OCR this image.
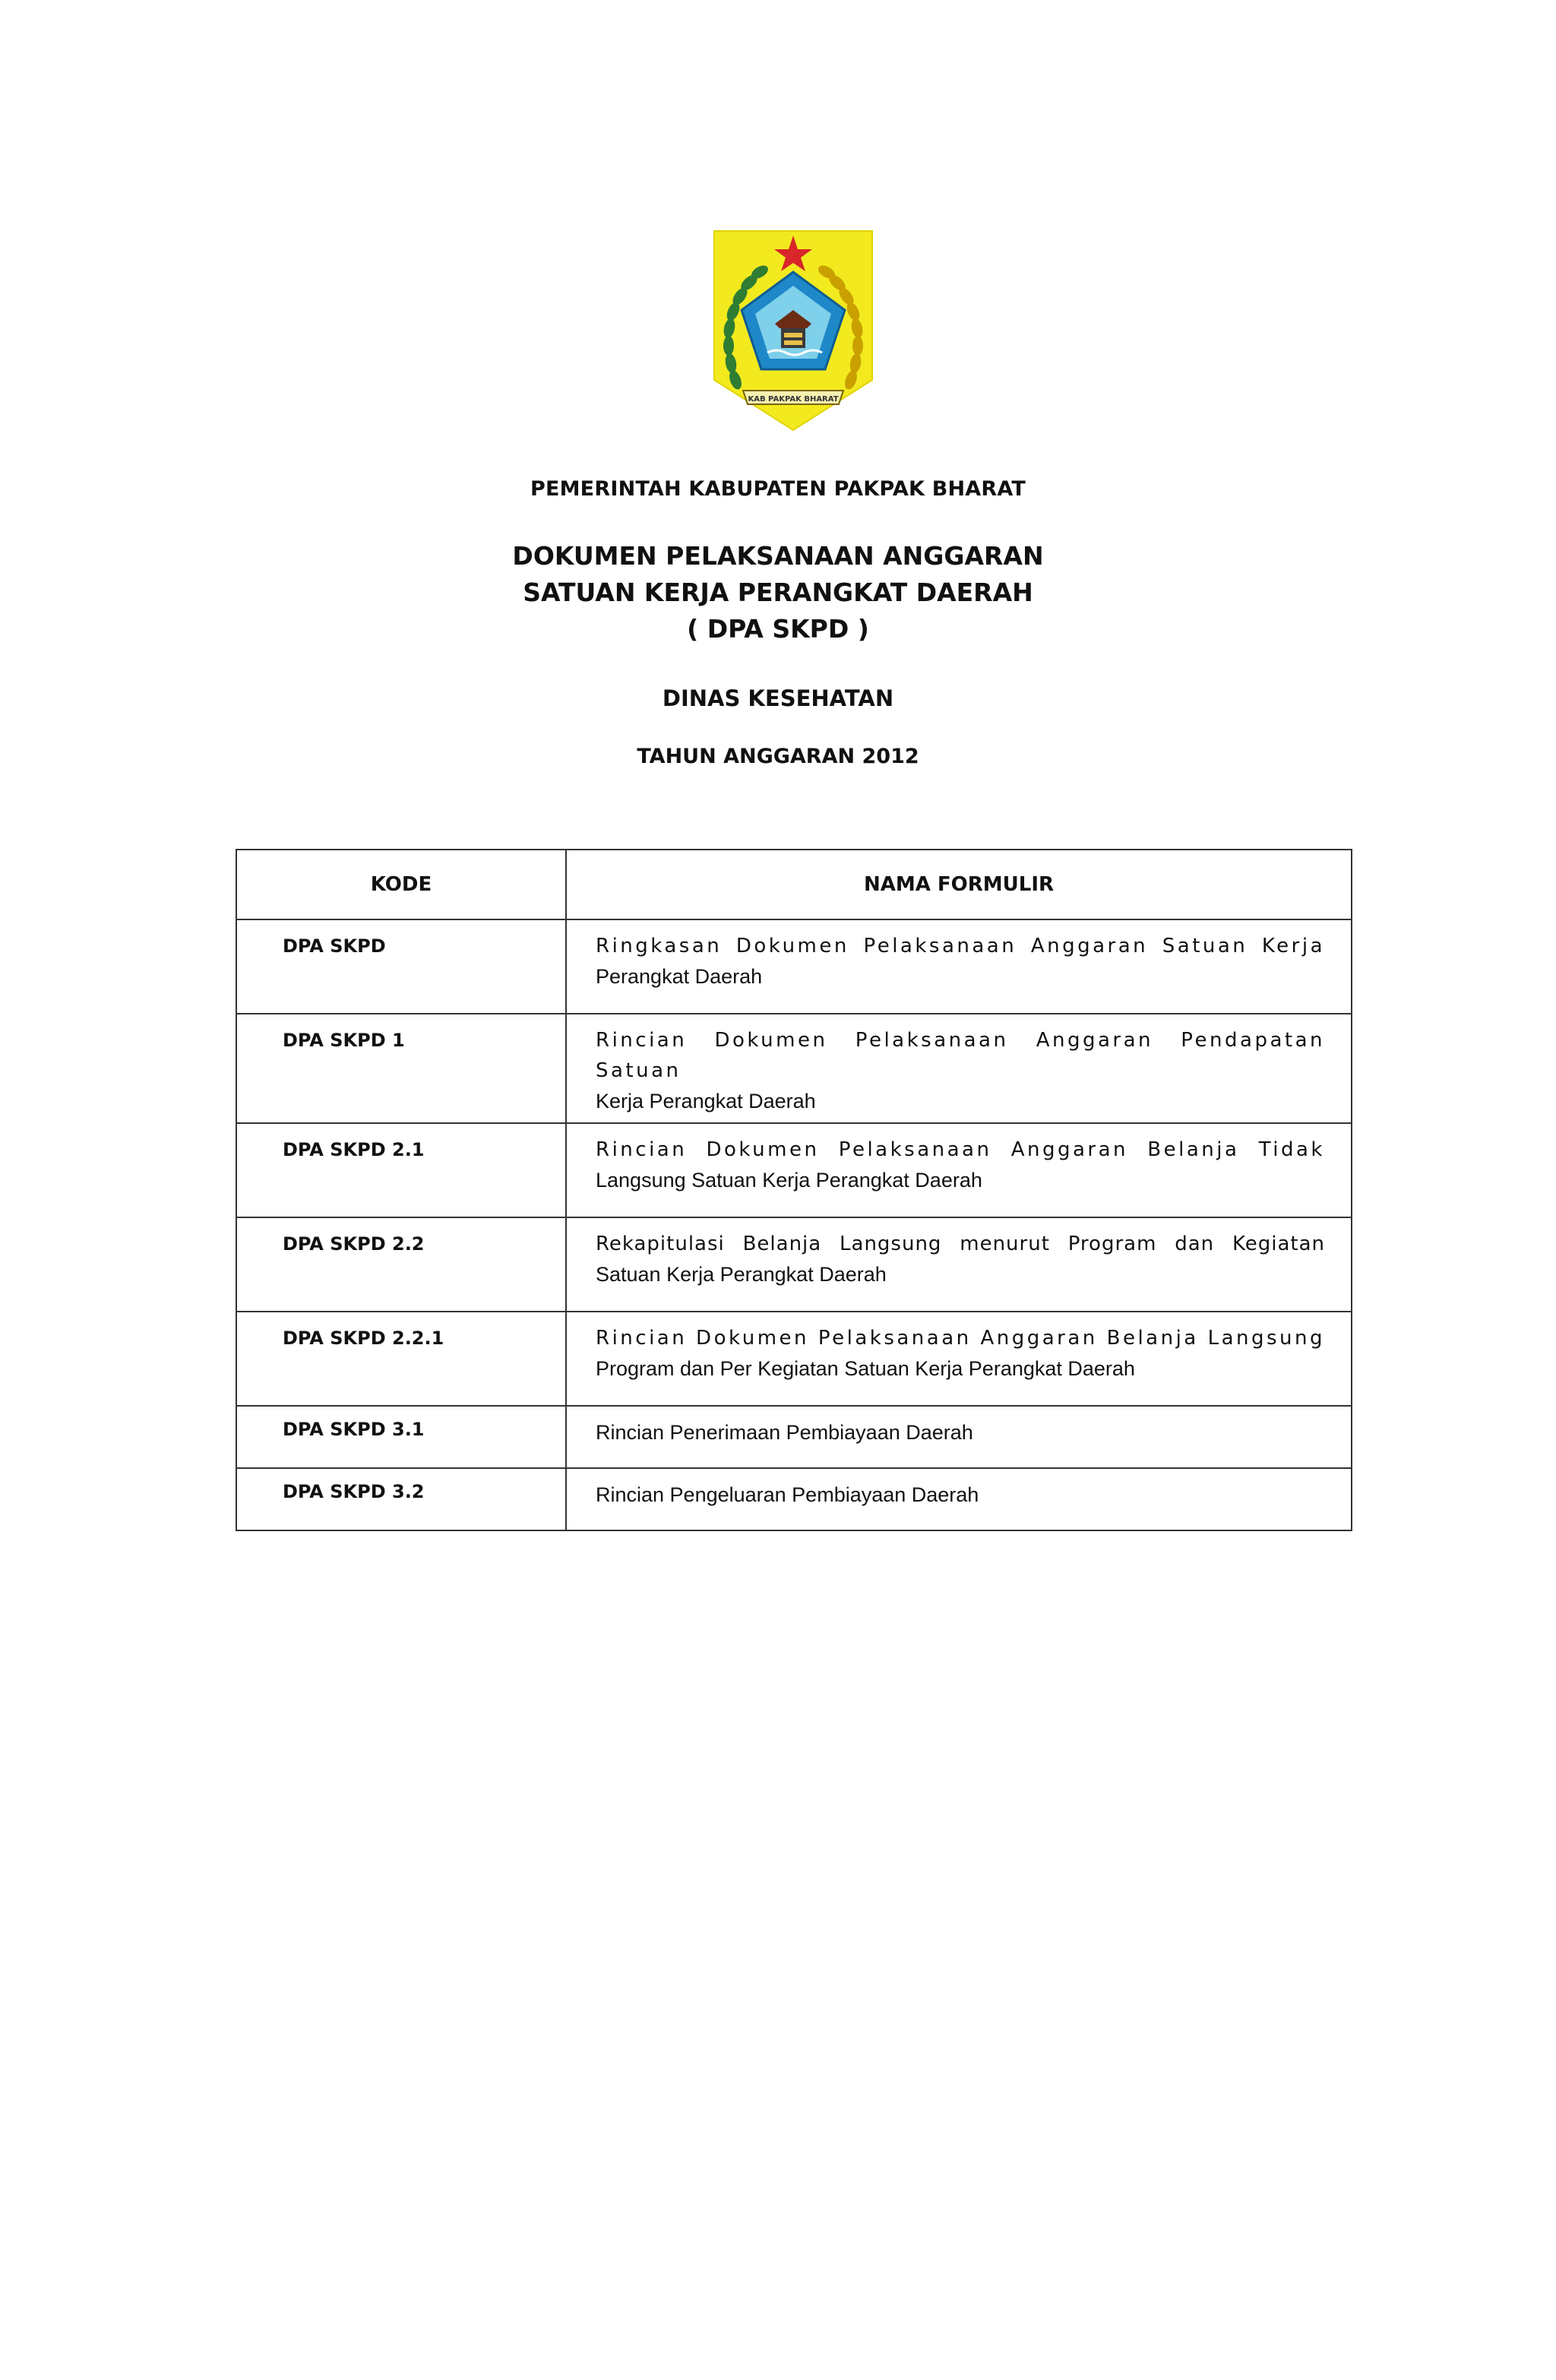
KAB PAKPAK BHARAT
PEMERINTAH KABUPATEN PAKPAK BHARAT
DOKUMEN PELAKSANAAN ANGGARAN
SATUAN KERJA PERANGKAT DAERAH
( DPA SKPD )
DINAS KESEHATAN
TAHUN ANGGARAN 2012
KODE	NAMA FORMULIR
DPA SKPD	Ringkasan Dokumen Pelaksanaan Anggaran Satuan Kerja
Perangkat Daerah

DPA SKPD 1	Rincian Dokumen Pelaksanaan Anggaran Pendapatan Satuan
Kerja Perangkat Daerah

DPA SKPD 2.1	Rincian Dokumen Pelaksanaan Anggaran Belanja Tidak
Langsung Satuan Kerja Perangkat Daerah

DPA SKPD 2.2	Rekapitulasi Belanja Langsung menurut Program dan Kegiatan
Satuan Kerja Perangkat Daerah

DPA SKPD 2.2.1	Rincian Dokumen Pelaksanaan Anggaran Belanja Langsung
Program dan Per Kegiatan Satuan Kerja Perangkat Daerah

DPA SKPD 3.1	Rincian Penerimaan Pembiayaan Daerah

DPA SKPD 3.2	Rincian Pengeluaran Pembiayaan Daerah
